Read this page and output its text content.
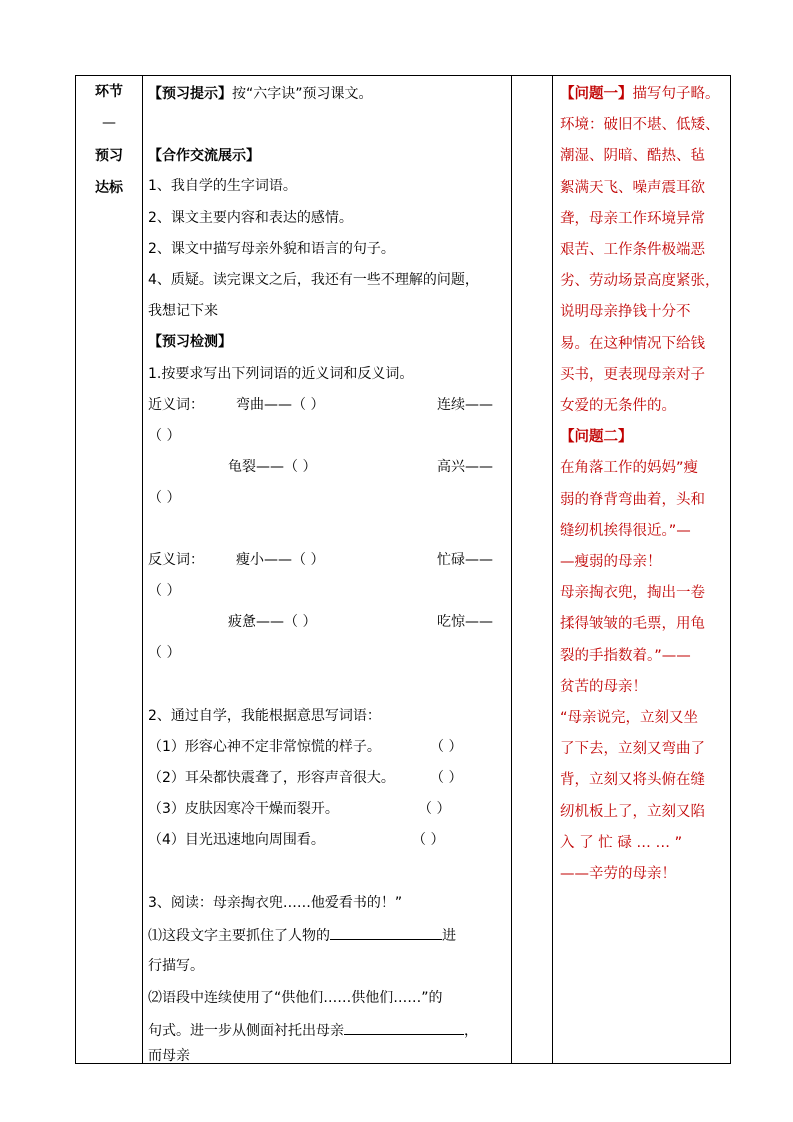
环节
—
预习
达标
【预习提示】按“六字诀”预习课文。
【合作交流展示】
1、我自学的生字词语。
2、课文主要内容和表达的感情。
2、课文中描写母亲外貌和语言的句子。
4、质疑。读完课文之后，我还有一些不理解的问题，
我想记下来
【预习检测】
1.按要求写出下列词语的近义词和反义词。
近义词： 弯曲——（ ）	连续——
（ ）
龟裂——（ ）	高兴——
（ ）
反义词： 瘦小——（ ）	忙碌——
（ ）
疲惫——（ ）	吃惊——
（ ）
2、通过自学，我能根据意思写词语：
（1）形容心神不定非常惊慌的样子。	（ ）
（2）耳朵都快震聋了，形容声音很大。	（ ）
（3）皮肤因寒冷干燥而裂开。	（ ）
（4）目光迅速地向周围看。	（ ）
3、阅读：母亲掏衣兜……他爱看书的！”
⑴这段文字主要抓住了人物的	进
行描写。
⑵语段中连续使用了“供他们……供他们……”的
句式。进一步从侧面衬托出母亲	，
而母亲
【问题一】描写句子略。
环境：破旧不堪、低矮、
潮湿、阴暗、酷热、毡
絮满天飞、噪声震耳欲
聋，母亲工作环境异常
艰苦、工作条件极端恶
劣、劳动场景高度紧张，
说明母亲挣钱十分不
易。在这种情况下给钱
买书，更表现母亲对子
女爱的无条件的。
【问题二】
在角落工作的妈妈”瘦
弱的脊背弯曲着，头和
缝纫机挨得很近。”—
—瘦弱的母亲！
母亲掏衣兜，掏出一卷
揉得皱皱的毛票，用龟
裂的手指数着。”——
贫苦的母亲！
“母亲说完，立刻又坐
了下去，立刻又弯曲了
背，立刻又将头俯在缝
纫机板上了，立刻又陷
入 了 忙 碌 … … ”
——辛劳的母亲！
